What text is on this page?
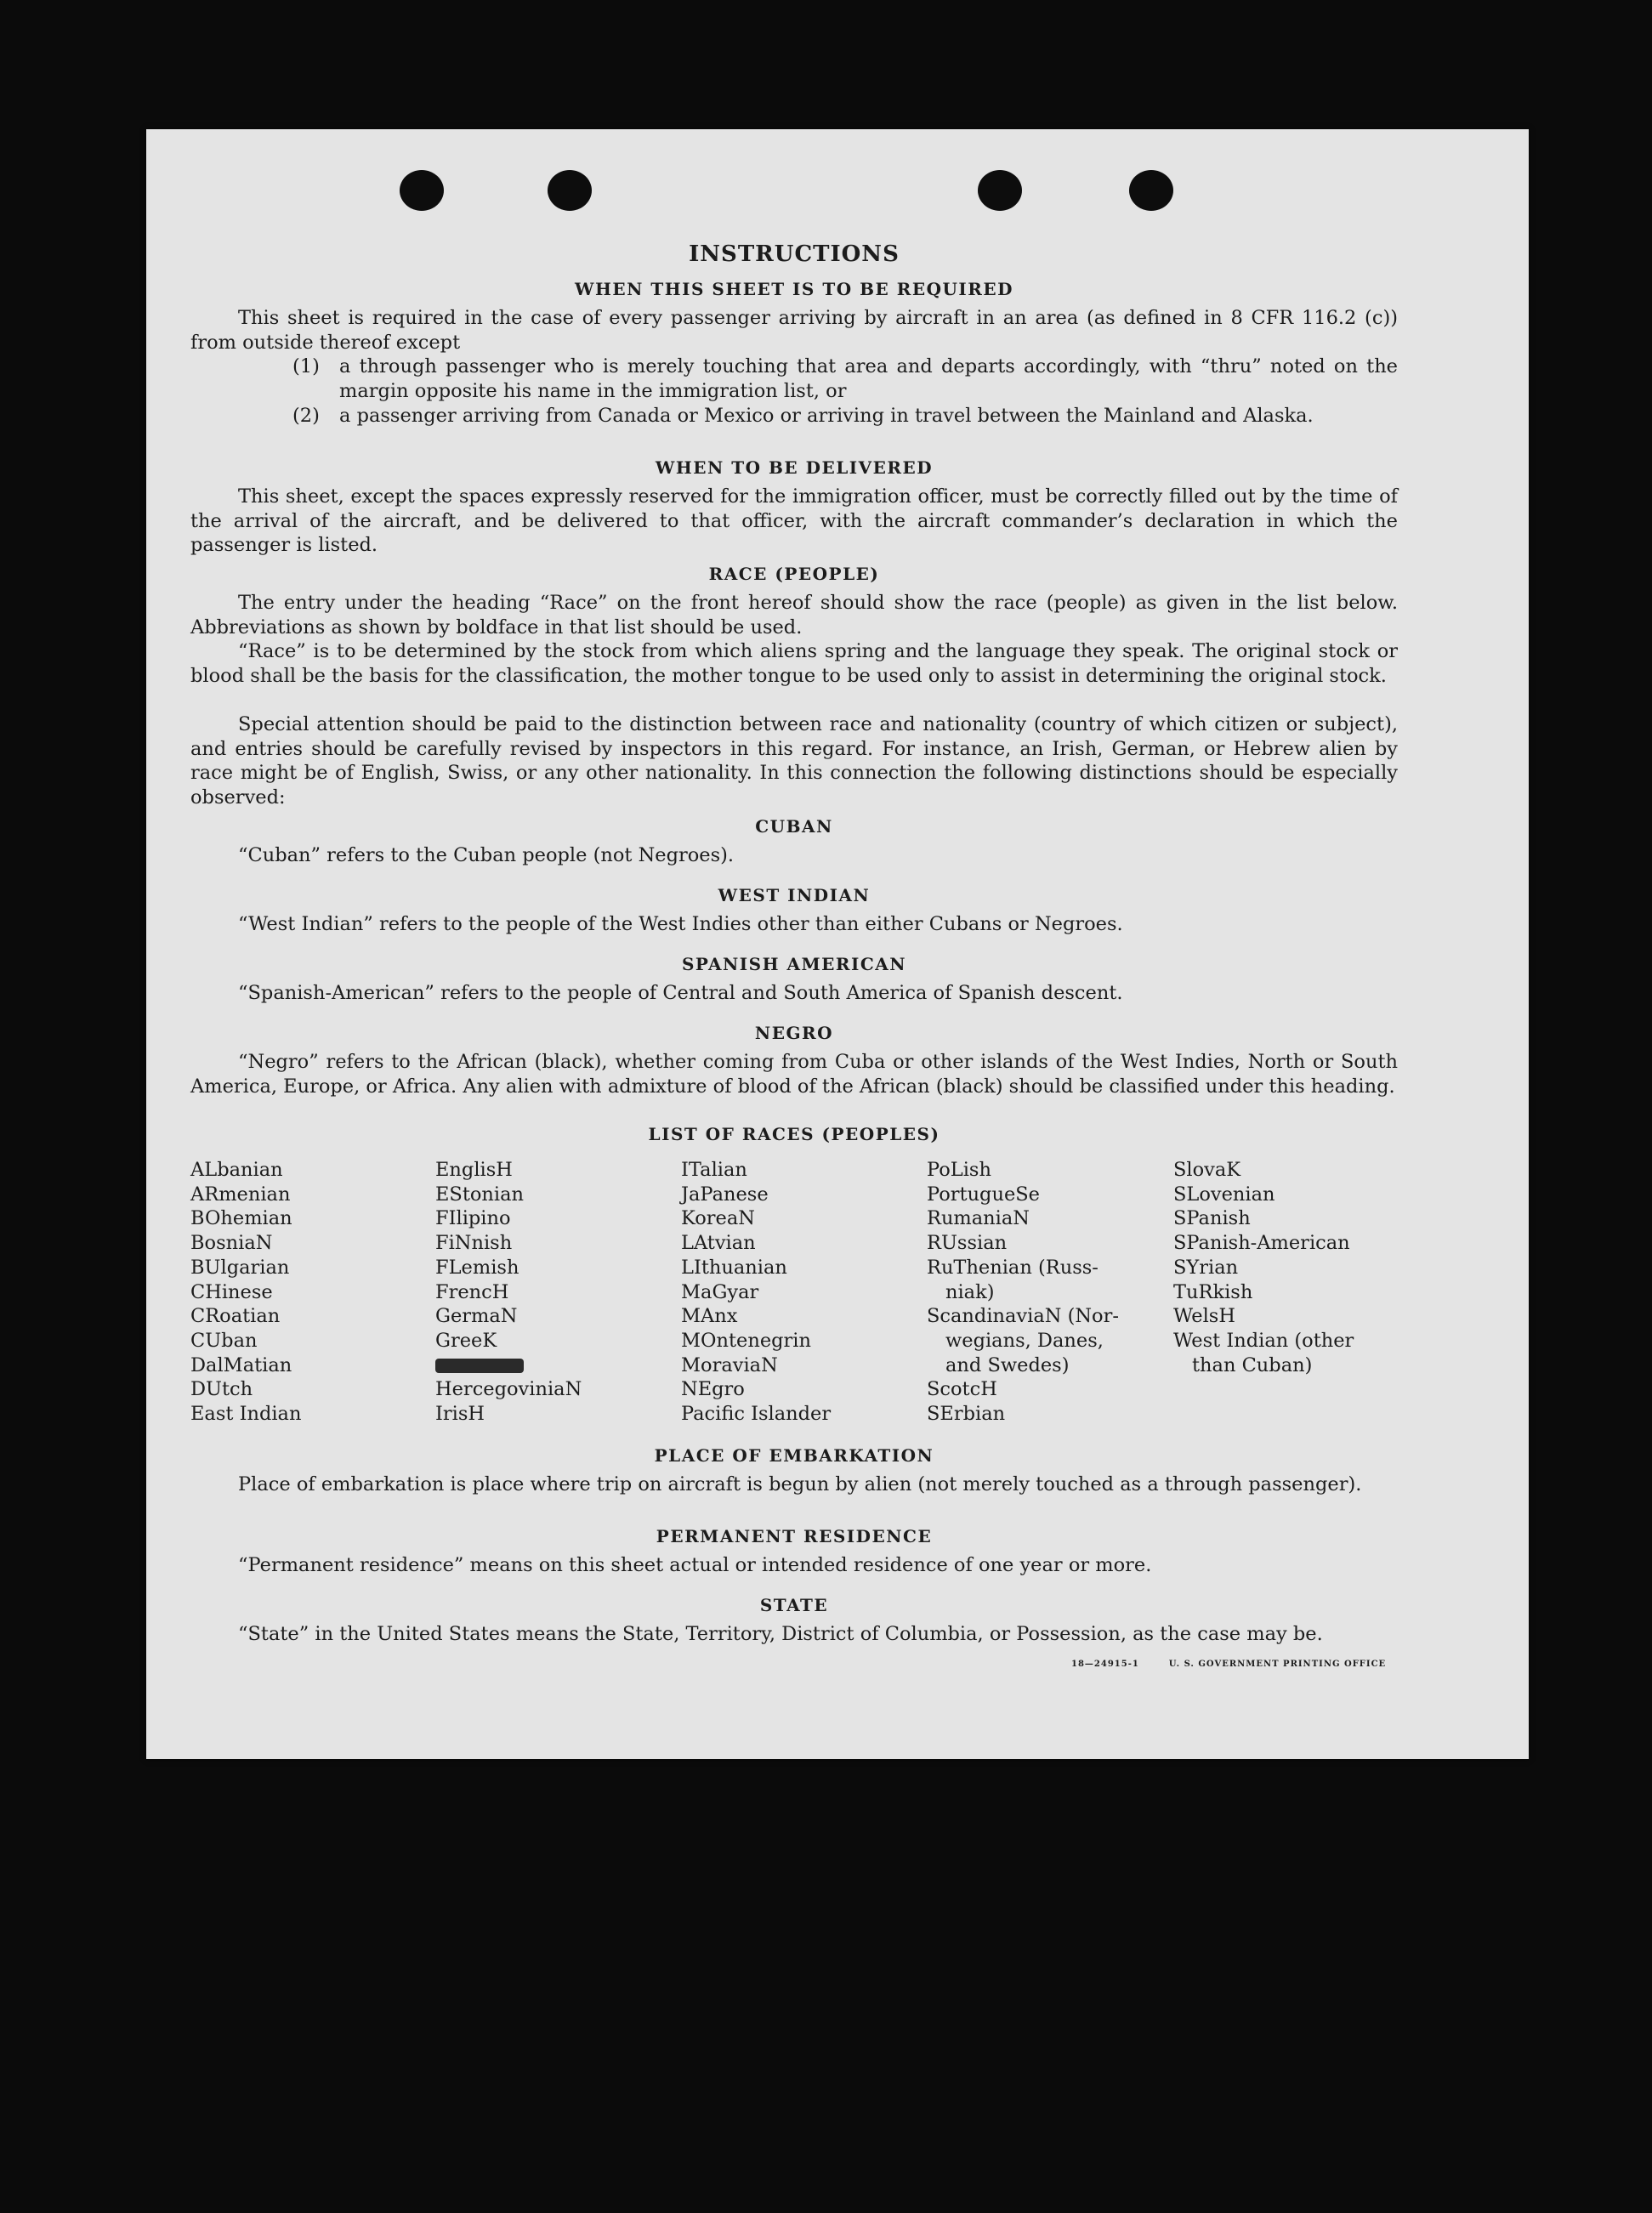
INSTRUCTIONS
WHEN THIS SHEET IS TO BE REQUIRED
This sheet is required in the case of every passenger arriving by aircraft in an area (as defined in 8 CFR 116.2 (c)) from outside thereof except
(1) a through passenger who is merely touching that area and departs accordingly, with “thru” noted on the margin opposite his name in the immigration list, or
(2) a passenger arriving from Canada or Mexico or arriving in travel between the Mainland and Alaska.
WHEN TO BE DELIVERED
This sheet, except the spaces expressly reserved for the immigration officer, must be correctly filled out by the time of the arrival of the aircraft, and be delivered to that officer, with the aircraft commander’s declaration in which the passenger is listed.
RACE (PEOPLE)
The entry under the heading “Race” on the front hereof should show the race (people) as given in the list below. Abbreviations as shown by boldface in that list should be used.
“Race” is to be determined by the stock from which aliens spring and the language they speak. The original stock or blood shall be the basis for the classification, the mother tongue to be used only to assist in determining the original stock.
Special attention should be paid to the distinction between race and nationality (country of which citizen or subject), and entries should be carefully revised by inspectors in this regard. For instance, an Irish, German, or Hebrew alien by race might be of English, Swiss, or any other nationality. In this connection the following distinctions should be especially observed:
CUBAN
“Cuban” refers to the Cuban people (not Negroes).
WEST INDIAN
“West Indian” refers to the people of the West Indies other than either Cubans or Negroes.
SPANISH AMERICAN
“Spanish-American” refers to the people of Central and South America of Spanish descent.
NEGRO
“Negro” refers to the African (black), whether coming from Cuba or other islands of the West Indies, North or South America, Europe, or Africa. Any alien with admixture of blood of the African (black) should be classified under this heading.
LIST OF RACES (PEOPLES)
ALbanian
ARmenian
BOhemian
BosniaN
BUlgarian
CHinese
CRoatian
CUban
DalMatian
DUtch
East Indian
EnglisH
EStonian
FIlipino
FiNnish
FLemish
FrencH
GermaN
GreeK
HercegoviniaN
IrisH
ITalian
JaPanese
KoreaN
LAtvian
LIthuanian
MaGyar
MAnx
MOntenegrin
MoraviaN
NEgro
Pacific Islander
PoLish
PortugueSe
RumaniaN
RUssian
RuThenian (Russ-
niak)
ScandinaviaN (Nor-
wegians, Danes,
and Swedes)
ScotcH
SErbian
SlovaK
SLovenian
SPanish
SPanish-American
SYrian
TuRkish
WelsH
West Indian (other
than Cuban)
PLACE OF EMBARKATION
Place of embarkation is place where trip on aircraft is begun by alien (not merely touched as a through passenger).
PERMANENT RESIDENCE
“Permanent residence” means on this sheet actual or intended residence of one year or more.
STATE
“State” in the United States means the State, Territory, District of Columbia, or Possession, as the case may be.
18—24915-1	U. S. GOVERNMENT PRINTING OFFICE
